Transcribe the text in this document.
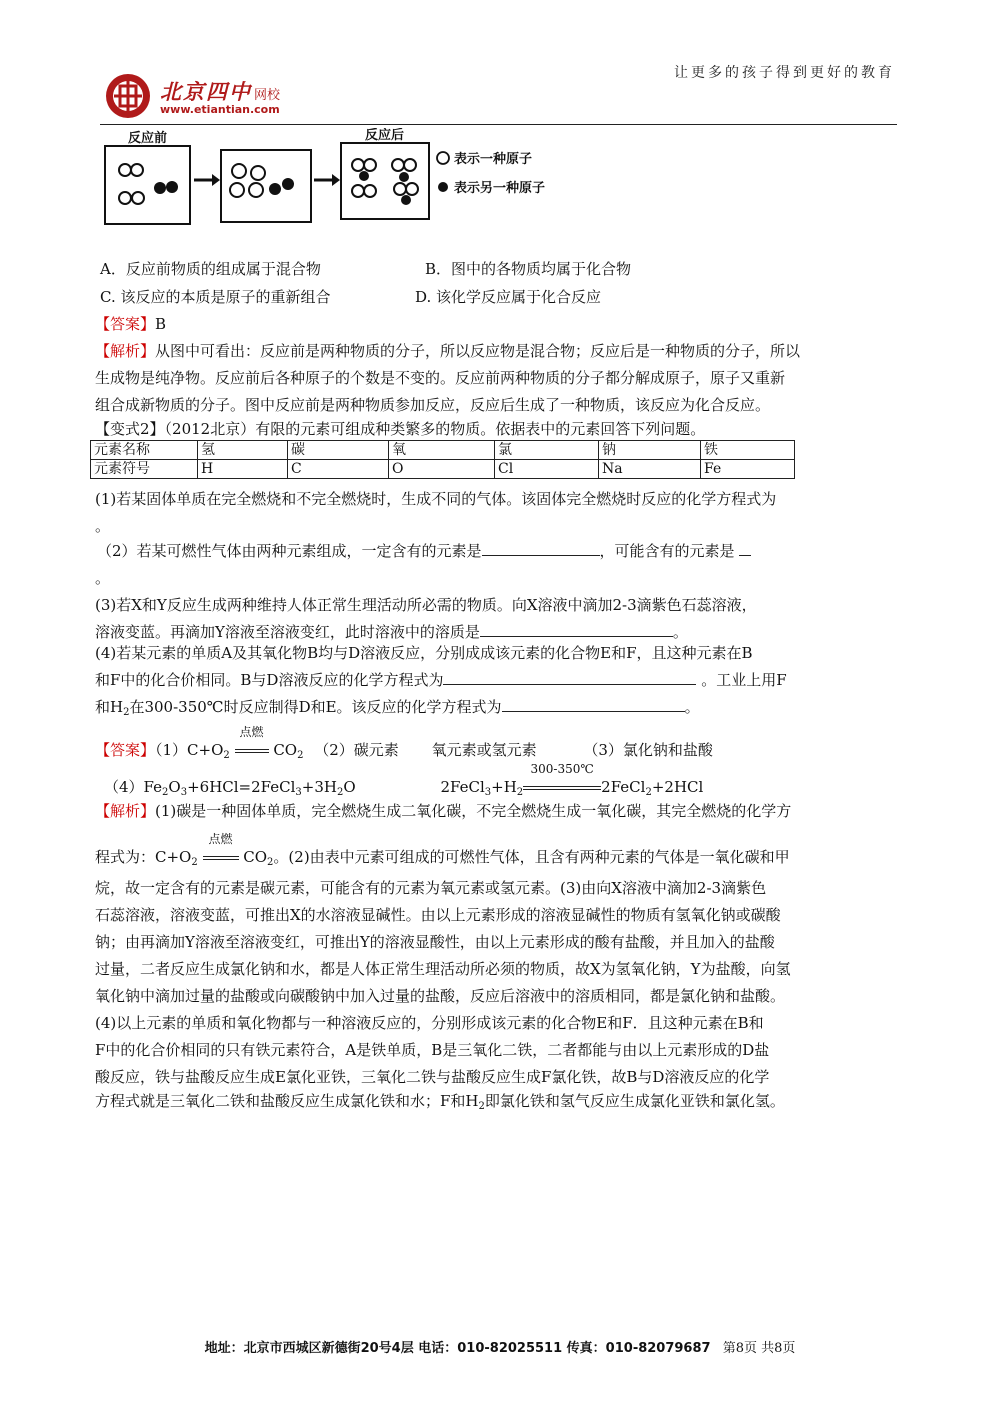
让更多的孩子得到更好的教育
北京四中 网校
www.etiantian.com
反应前	反应后
表示一种原子
表示另一种原子
A．反应前物质的组成属于混合物	B．图中的各物质均属于化合物
C. 该反应的本质是原子的重新组合	D. 该化学反应属于化合反应
【答案】B
【解析】从图中可看出：反应前是两种物质的分子，所以反应物是混合物；反应后是一种物质的分子，所以
生成物是纯净物。反应前后各种原子的个数是不变的。反应前两种物质的分子都分解成原子，原子又重新
组合成新物质的分子。图中反应前是两种物质参加反应，反应后生成了一种物质，该反应为化合反应。
【变式2】（2012北京）有限的元素可组成种类繁多的物质。依据表中的元素回答下列问题。
元素名称	氢	碳	氧	氯	钠	铁
元素符号	H	C	O	Cl	Na	Fe
(1)若某固体单质在完全燃烧和不完全燃烧时，生成不同的气体。该固体完全燃烧时反应的化学方程式为
。
（2）若某可燃性气体由两种元素组成，一定含有的元素是	，可能含有的元素是
。
(3)若X和Y反应生成两种维持人体正常生理活动所必需的物质。向X溶液中滴加2-3滴紫色石蕊溶液，
溶液变蓝。再滴加Y溶液至溶液变红，此时溶液中的溶质是	。
(4)若某元素的单质A及其氧化物B均与D溶液反应，分别成成该元素的化合物E和F，且这种元素在B
和F中的化合价相同。B与D溶液反应的化学方程式为	。工业上用F
和$H_2$在300-350℃时反应制得D和E。该反应的化学方程式为	。
【答案】$(1)C+O_2$
点燃
$CO_2$ （2）碳元素 氧元素或氢元素	（3）氯化钠和盐酸
$(4)Fe_2O_3+6HCl=2FeCl_3+3H_2O$	$2FeCl_3+H_2$
300-350℃
2FeCl$_2$+2HCl
【解析】(1)碳是一种固体单质，完全燃烧生成二氧化碳，不完全燃烧生成一氧化碳，其完全燃烧的化学方
程式为：$C+O_2$
点燃
$CO_2$。(2)由表中元素可组成的可燃性气体，且含有两种元素的气体是一氧化碳和甲
烷，故一定含有的元素是碳元素，可能含有的元素为氧元素或氢元素。(3)由向X溶液中滴加2-3滴紫色
石蕊溶液，溶液变蓝，可推出X的水溶液显碱性。由以上元素形成的溶液显碱性的物质有氢氧化钠或碳酸
钠；由再滴加Y溶液至溶液变红，可推出Y的溶液显酸性，由以上元素形成的酸有盐酸，并且加入的盐酸
过量，二者反应生成氯化钠和水，都是人体正常生理活动所必须的物质，故X为氢氧化钠，Y为盐酸，向氢
氧化钠中滴加过量的盐酸或向碳酸钠中加入过量的盐酸，反应后溶液中的溶质相同，都是氯化钠和盐酸。
(4)以上元素的单质和氧化物都与一种溶液反应的，分别形成该元素的化合物E和F．且这种元素在B和
F中的化合价相同的只有铁元素符合，A是铁单质，B是三氧化二铁，二者都能与由以上元素形成的D盐
酸反应，铁与盐酸反应生成E氯化亚铁，三氧化二铁与盐酸反应生成F氯化铁，故B与D溶液反应的化学
方程式就是三氧化二铁和盐酸反应生成氯化铁和水；F和$H_2$即氯化铁和氢气反应生成氯化亚铁和氯化氢。
地址：北京市西城区新德街20号4层 电话：010-82025511 传真：010-82079687 第8页 共8页
